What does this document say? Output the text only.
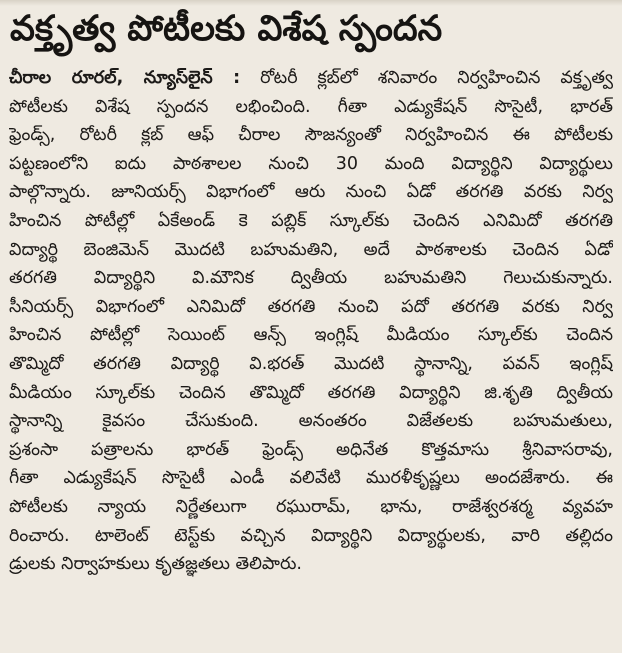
వక్తృత్వ పోటీలకు విశేష స్పందన
చీరాల రూరల్, న్యూస్‌లైన్ : రోటరీ క్లబ్‌లో శనివారం నిర్వహించిన వక్తృత్వ
పోటీలకు విశేష స్పందన లభించింది. గీతా ఎడ్యుకేషన్ సొసైటీ, భారత్
ఫ్రెండ్స్, రోటరీ క్లబ్ ఆఫ్ చీరాల సౌజన్యంతో నిర్వహించిన ఈ పోటీలకు
పట్టణంలోని ఐదు పాఠశాలల నుంచి 30 మంది విద్యార్థిని విద్యార్థులు
పాల్గొన్నారు. జూనియర్స్ విభాగంలో ఆరు నుంచి ఏడో తరగతి వరకు నిర్వ
హించిన పోటీల్లో ఏకేఅండ్ కె పబ్లిక్ స్కూల్‌కు చెందిన ఎనిమిదో తరగతి
విద్యార్థి బెంజిమెన్ మొదటి బహుమతిని, అదే పాఠశాలకు చెందిన ఏడో
తరగతి విద్యార్థిని వి.మౌనిక ద్వితీయ బహుమతిని గెలుచుకున్నారు.
సీనియర్స్ విభాగంలో ఎనిమిదో తరగతి నుంచి పదో తరగతి వరకు నిర్వ
హించిన పోటీల్లో సెయింట్ ఆన్స్ ఇంగ్లిష్ మీడియం స్కూల్‌కు చెందిన
తొమ్మిదో తరగతి విద్యార్థి వి.భరత్ మొదటి స్థానాన్ని, పవన్ ఇంగ్లిష్
మీడియం స్కూల్‌కు చెందిన తొమ్మిదో తరగతి విద్యార్థిని జి.శృతి ద్వితీయ
స్థానాన్ని కైవసం చేసుకుంది. అనంతరం విజేతలకు బహుమతులు,
ప్రశంసా పత్రాలను భారత్ ఫ్రెండ్స్ అధినేత కొత్తమాసు శ్రీనివాసరావు,
గీతా ఎడ్యుకేషన్ సొసైటీ ఎండీ వలివేటి మురళీకృష్ణలు అందజేశారు. ఈ
పోటీలకు న్యాయ నిర్ణేతలుగా రఘురామ్, భాను, రాజేశ్వరశర్మ వ్యవహ
రించారు. టాలెంట్ టెస్ట్‌కు వచ్చిన విద్యార్థిని విద్యార్థులకు, వారి తల్లిదం
డ్రులకు నిర్వాహకులు కృతజ్ఞతలు తెలిపారు.
